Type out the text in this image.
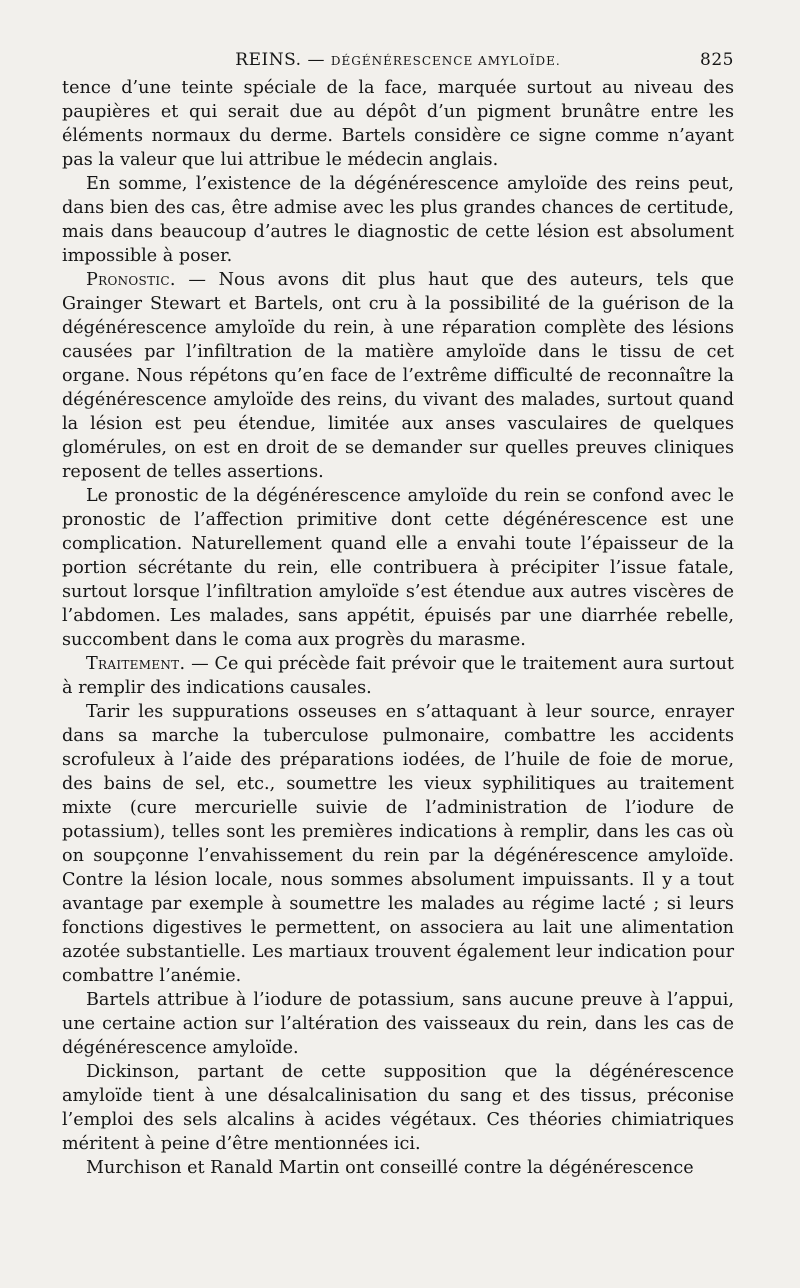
REINS. — DÉGÉNÉRESCENCE AMYLOÏDE.	825

tence d’une teinte spéciale de la face, marquée surtout au niveau des paupières et qui serait due au dépôt d’un pigment brunâtre entre les éléments normaux du derme. Bartels considère ce signe comme n’ayant pas la valeur que lui attribue le médecin anglais.

En somme, l’existence de la dégénérescence amyloïde des reins peut, dans bien des cas, être admise avec les plus grandes chances de certitude, mais dans beaucoup d’autres le diagnostic de cette lésion est absolument impossible à poser.

Pronostic. — Nous avons dit plus haut que des auteurs, tels que Grainger Stewart et Bartels, ont cru à la possibilité de la guérison de la dégénérescence amyloïde du rein, à une réparation complète des lésions causées par l’infiltration de la matière amyloïde dans le tissu de cet organe. Nous répétons qu’en face de l’extrême difficulté de reconnaître la dégénérescence amyloïde des reins, du vivant des malades, surtout quand la lésion est peu étendue, limitée aux anses vasculaires de quelques glomérules, on est en droit de se demander sur quelles preuves cliniques reposent de telles assertions.

Le pronostic de la dégénérescence amyloïde du rein se confond avec le pronostic de l’affection primitive dont cette dégénérescence est une complication. Naturellement quand elle a envahi toute l’épaisseur de la portion sécrétante du rein, elle contribuera à précipiter l’issue fatale, surtout lorsque l’infiltration amyloïde s’est étendue aux autres viscères de l’abdomen. Les malades, sans appétit, épuisés par une diarrhée rebelle, succombent dans le coma aux progrès du marasme.

Traitement. — Ce qui précède fait prévoir que le traitement aura surtout à remplir des indications causales.

Tarir les suppurations osseuses en s’attaquant à leur source, enrayer dans sa marche la tuberculose pulmonaire, combattre les accidents scrofuleux à l’aide des préparations iodées, de l’huile de foie de morue, des bains de sel, etc., soumettre les vieux syphilitiques au traitement mixte (cure mercurielle suivie de l’administration de l’iodure de potassium), telles sont les premières indications à remplir, dans les cas où on soupçonne l’envahissement du rein par la dégénérescence amyloïde. Contre la lésion locale, nous sommes absolument impuissants. Il y a tout avantage par exemple à soumettre les malades au régime lacté ; si leurs fonctions digestives le permettent, on associera au lait une alimentation azotée substantielle. Les martiaux trouvent également leur indication pour combattre l’anémie.

Bartels attribue à l’iodure de potassium, sans aucune preuve à l’appui, une certaine action sur l’altération des vaisseaux du rein, dans les cas de dégénérescence amyloïde.

Dickinson, partant de cette supposition que la dégénérescence amyloïde tient à une désalcalinisation du sang et des tissus, préconise l’emploi des sels alcalins à acides végétaux. Ces théories chimiatriques méritent à peine d’être mentionnées ici.

Murchison et Ranald Martin ont conseillé contre la dégénérescence
